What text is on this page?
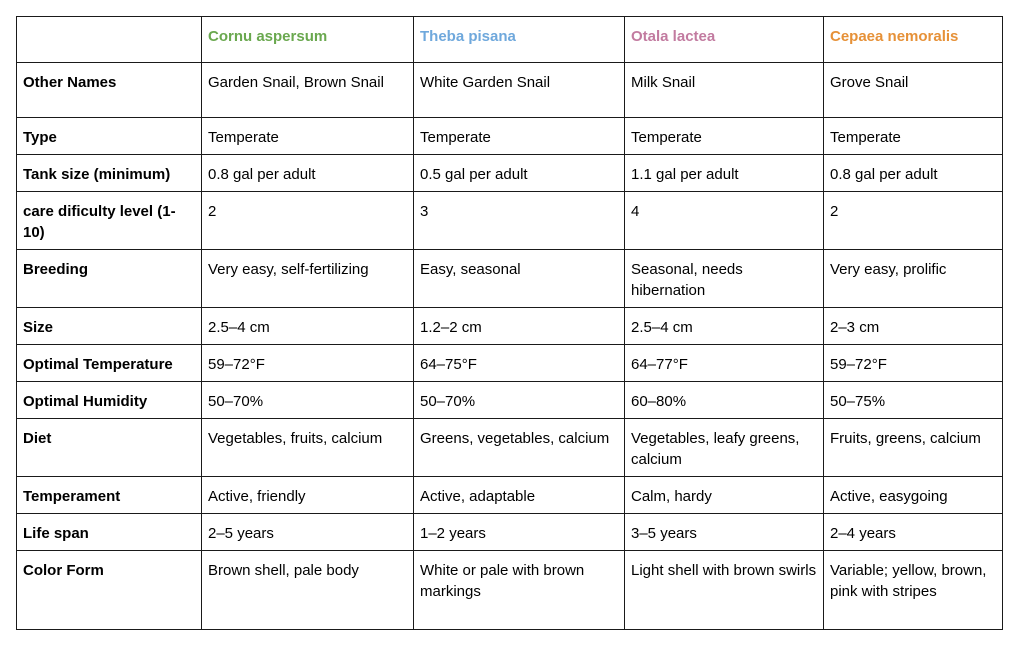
	Cornu aspersum	Theba pisana	Otala lactea	Cepaea nemoralis
Other Names	Garden Snail, Brown Snail	White Garden Snail	Milk Snail	Grove Snail
Type	Temperate	Temperate	Temperate	Temperate
Tank size (minimum)	0.8 gal per adult	0.5 gal per adult	1.1 gal per adult	0.8 gal per adult
care dificulty level (1-10)	2	3	4	2
Breeding	Very easy, self-fertilizing	Easy, seasonal	Seasonal, needs hibernation	Very easy, prolific
Size	2.5–4 cm	1.2–2 cm	2.5–4 cm	2–3 cm
Optimal Temperature	59–72°F	64–75°F	64–77°F	59–72°F
Optimal Humidity	50–70%	50–70%	60–80%	50–75%
Diet	Vegetables, fruits, calcium	Greens, vegetables, calcium	Vegetables, leafy greens, calcium	Fruits, greens, calcium
Temperament	Active, friendly	Active, adaptable	Calm, hardy	Active, easygoing
Life span	2–5 years	1–2 years	3–5 years	2–4 years
Color Form	Brown shell, pale body	White or pale with brown markings	Light shell with brown swirls	Variable; yellow, brown, pink with stripes
